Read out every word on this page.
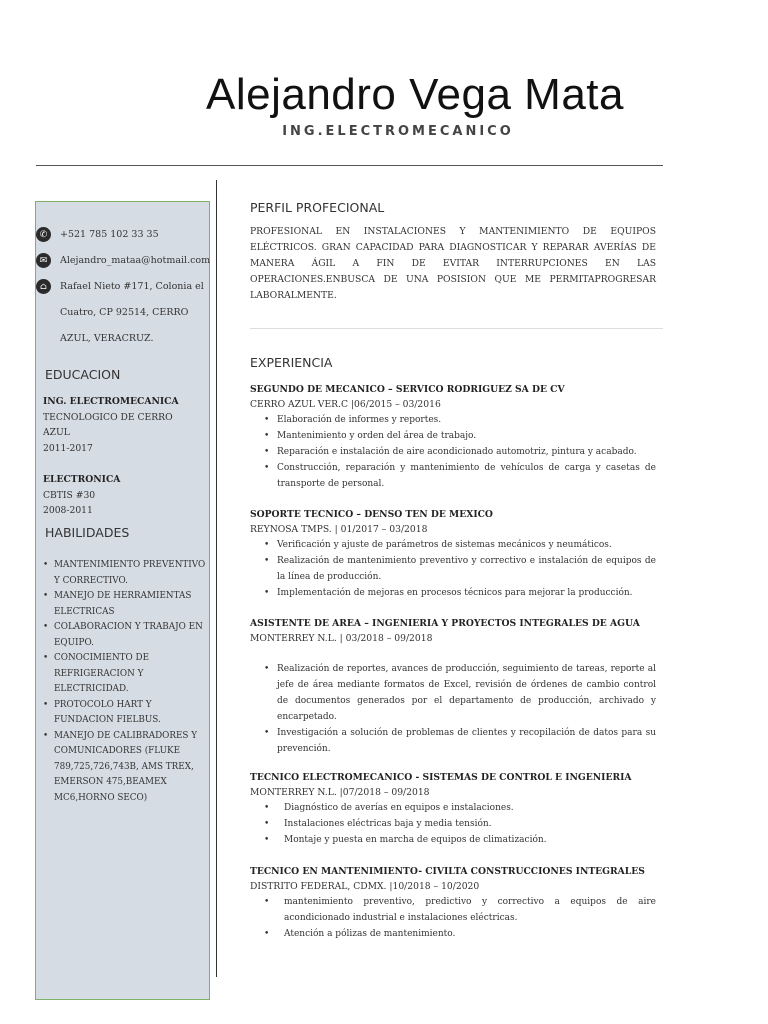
Alejandro Vega Mata
ING.ELECTROMECANICO
✆	+521 785 102 33 35
✉	Alejandro_mataa@hotmail.com
⌂	Rafael Nieto #171, Colonia el
Cuatro, CP 92514, CERRO
AZUL, VERACRUZ.
EDUCACION
ING. ELECTROMECANICA
TECNOLOGICO DE CERRO
AZUL
2011-2017
ELECTRONICA
CBTIS #30
2008-2011
HABILIDADES
• MANTENIMIENTO PREVENTIVO Y CORRECTIVO.
• MANEJO DE HERRAMIENTAS ELECTRICAS
• COLABORACION Y TRABAJO EN EQUIPO.
• CONOCIMIENTO DE REFRIGERACION Y ELECTRICIDAD.
• PROTOCOLO HART Y FUNDACION FIELBUS.
• MANEJO DE CALIBRADORES Y COMUNICADORES (FLUKE 789,725,726,743B, AMS TREX, EMERSON 475,BEAMEX MC6,HORNO SECO)
PERFIL PROFECIONAL
PROFESIONAL EN INSTALACIONES Y MANTENIMIENTO DE EQUIPOS ELÉCTRICOS. GRAN CAPACIDAD PARA DIAGNOSTICAR Y REPARAR AVERÍAS DE MANERA ÁGIL A FIN DE EVITAR INTERRUPCIONES EN LAS OPERACIONES.ENBUSCA DE UNA POSISION QUE ME PERMITAPROGRESAR LABORALMENTE.
EXPERIENCIA
SEGUNDO DE MECANICO – SERVICO RODRIGUEZ SA DE CV
CERRO AZUL VER.C |06/2015 – 03/2016
• Elaboración de informes y reportes.
• Mantenimiento y orden del área de trabajo.
• Reparación e instalación de aire acondicionado automotriz, pintura y acabado.
• Construcción, reparación y mantenimiento de vehículos de carga y casetas de transporte de personal.
SOPORTE TECNICO – DENSO TEN DE MEXICO
REYNOSA TMPS. | 01/2017 – 03/2018
• Verificación y ajuste de parámetros de sistemas mecánicos y neumáticos.
• Realización de mantenimiento preventivo y correctivo e instalación de equipos de la línea de producción.
• Implementación de mejoras en procesos técnicos para mejorar la producción.
ASISTENTE DE AREA – INGENIERIA Y PROYECTOS INTEGRALES DE AGUA
MONTERREY N.L. | 03/2018 – 09/2018
• Realización de reportes, avances de producción, seguimiento de tareas, reporte al jefe de área mediante formatos de Excel, revisión de órdenes de cambio control de documentos generados por el departamento de producción, archivado y encarpetado.
• Investigación a solución de problemas de clientes y recopilación de datos para su prevención.
TECNICO ELECTROMECANICO - SISTEMAS DE CONTROL E INGENIERIA
MONTERREY N.L. |07/2018 – 09/2018
• Diagnóstico de averías en equipos e instalaciones.
• Instalaciones eléctricas baja y media tensión.
• Montaje y puesta en marcha de equipos de climatización.
TECNICO EN MANTENIMIENTO- CIVILTA CONSTRUCCIONES INTEGRALES
DISTRITO FEDERAL, CDMX. |10/2018 – 10/2020
• mantenimiento preventivo, predictivo y correctivo a equipos de aire acondicionado industrial e instalaciones eléctricas.
• Atención a pólizas de mantenimiento.
